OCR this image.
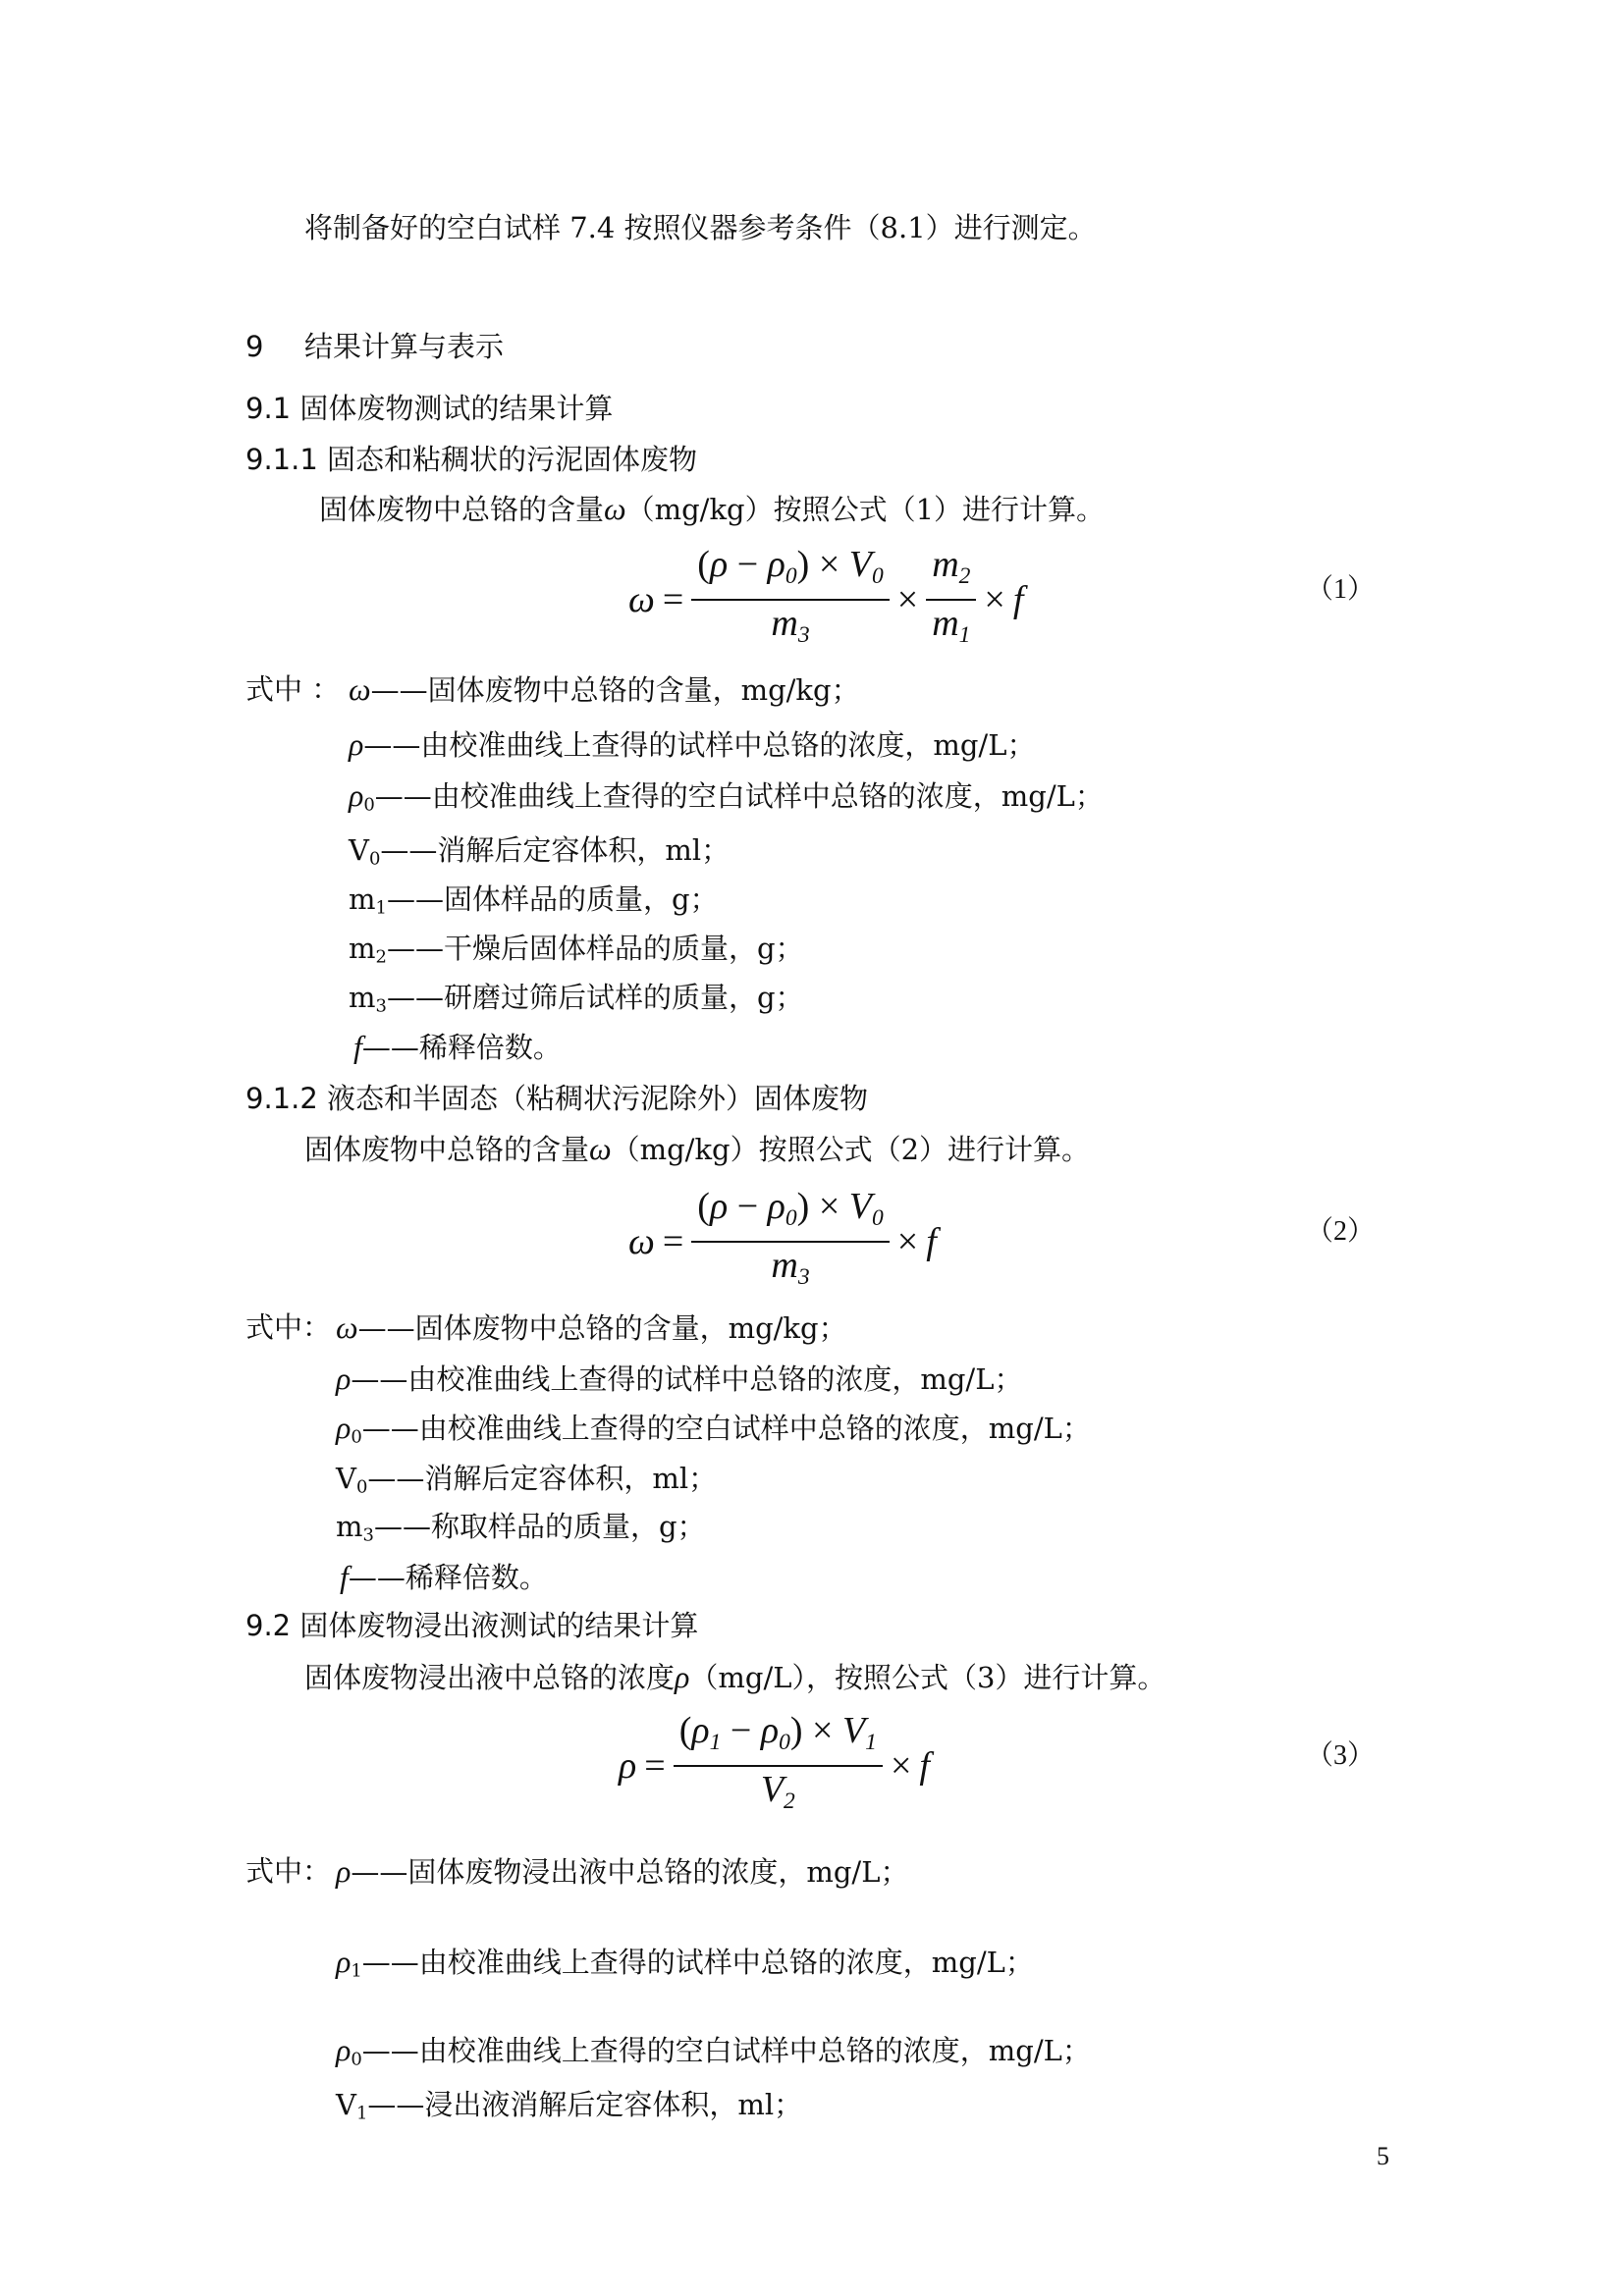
将制备好的空白试样 7.4 按照仪器参考条件（8.1）进行测定。
9 结果计算与表示
9.1 固体废物测试的结果计算
9.1.1 固态和粘稠状的污泥固体废物
固体废物中总铬的含量ω（mg/kg）按照公式（1）进行计算。
$\omega = \frac{(\rho - \rho 0) \times V0}{m3} \times \frac{m2}{m1} \times f$	（1）
式中 ： ω——固体废物中总铬的含量，mg/kg；
ρ——由校准曲线上查得的试样中总铬的浓度，mg/L；
$\rho_0——$由校准曲线上查得的空白试样中总铬的浓度，mg/L；
$V_0——$消解后定容体积，ml；
$m_1——$固体样品的质量，g；
$m_2——$干燥后固体样品的质量，g；
$m_3——$研磨过筛后试样的质量，g；
f——稀释倍数。
9.1.2 液态和半固态（粘稠状污泥除外）固体废物
固体废物中总铬的含量ω（mg/kg）按照公式（2）进行计算。
$\omega = \frac{(\rho - \rho 0) \times V0}{m3} \times f$	（2）
式中： ω——固体废物中总铬的含量，mg/kg；
ρ——由校准曲线上查得的试样中总铬的浓度，mg/L；
$\rho_0——$由校准曲线上查得的空白试样中总铬的浓度，mg/L；
$V_0——$消解后定容体积，ml；
$m_3——$称取样品的质量，g；
f——稀释倍数。
9.2 固体废物浸出液测试的结果计算
固体废物浸出液中总铬的浓度ρ（mg/L），按照公式（3）进行计算。
$\rho = \frac{(\rho 1 - \rho 0) \times V1}{V2} \times f$	（3）
式中： ρ——固体废物浸出液中总铬的浓度，mg/L；
$\rho_1——$由校准曲线上查得的试样中总铬的浓度，mg/L；
$\rho_0——$由校准曲线上查得的空白试样中总铬的浓度，mg/L；
$V_1——$浸出液消解后定容体积，ml；
5
